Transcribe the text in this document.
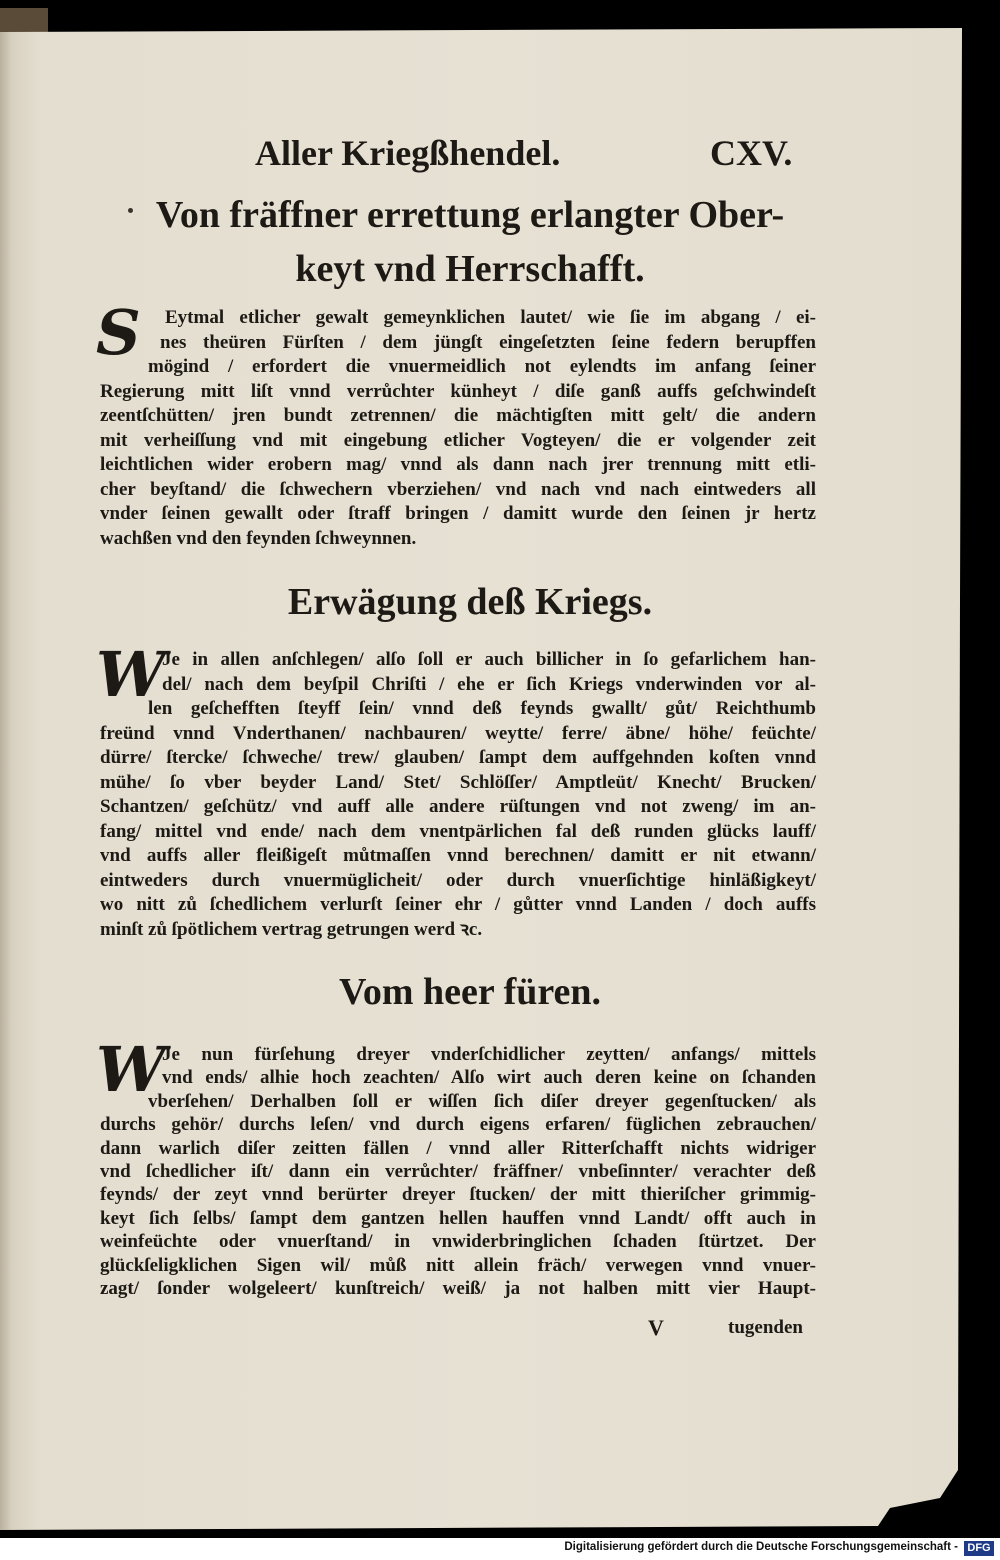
Aller Kriegßhendel.	CXV.
Von fräffner errettung erlangter Ober-
keyt vnd Herrschafft.
S Eytmal etlicher gewalt gemeynklichen lautet/ wie ſie im abgang / ei-
nes theüren Fürſten / dem jüngſt eingeſetzten ſeine federn berupffen
mögind / erfordert die vnuermeidlich not eylendts im anfang ſeiner
Regierung mitt liſt vnnd verrůchter künheyt / diſe ganß auffs geſchwindeſt
zeentſchütten/ jren bundt zetrennen/ die mächtigſten mitt gelt/ die andern
mit verheiſſung vnd mit eingebung etlicher Vogteyen/ die er volgender zeit
leichtlichen wider erobern mag/ vnnd als dann nach jrer trennung mitt etli-
cher beyſtand/ die ſchwechern vberziehen/ vnd nach vnd nach eintweders all
vnder ſeinen gewallt oder ſtraff bringen / damitt wurde den ſeinen jr hertz
wachßen vnd den feynden ſchweynnen.
Erwägung deß Kriegs.
W
Je in allen anſchlegen/ alſo ſoll er auch billicher in ſo gefarlichem han-
del/ nach dem beyſpil Chriſti / ehe er ſich Kriegs vnderwinden vor al-
len geſchefften ſteyff ſein/ vnnd deß feynds gwallt/ gůt/ Reichthumb
freünd vnnd Vnderthanen/ nachbauren/ weytte/ ferre/ äbne/ höhe/ feüchte/
dürre/ ſtercke/ ſchweche/ trew/ glauben/ ſampt dem auffgehnden koſten vnnd
mühe/ ſo vber beyder Land/ Stet/ Schlöſſer/ Amptleüt/ Knecht/ Brucken/
Schantzen/ geſchütz/ vnd auff alle andere rüſtungen vnd not zweng/ im an-
fang/ mittel vnd ende/ nach dem vnentpärlichen fal deß runden glücks lauff/
vnd auffs aller fleißigeſt můtmaſſen vnnd berechnen/ damitt er nit etwann/
eintweders durch vnuermüglicheit/ oder durch vnuerſichtige hinläßigkeyt/
wo nitt zů ſchedlichem verlurſt ſeiner ehr / gůtter vnnd Landen / doch auffs
minſt zů ſpötlichem vertrag getrungen werd ꝛc.
Vom heer füren.
W
Je nun fürſehung dreyer vnderſchidlicher zeytten/ anfangs/ mittels
vnd ends/ alhie hoch zeachten/ Alſo wirt auch deren keine on ſchanden
vberſehen/ Derhalben ſoll er wiſſen ſich diſer dreyer gegenſtucken/ als
durchs gehör/ durchs leſen/ vnd durch eigens erfaren/ füglichen zebrauchen/
dann warlich diſer zeitten fällen / vnnd aller Ritterſchafft nichts widriger
vnd ſchedlicher iſt/ dann ein verrůchter/ fräffner/ vnbeſinnter/ verachter deß
feynds/ der zeyt vnnd berürter dreyer ſtucken/ der mitt thieriſcher grimmig-
keyt ſich ſelbs/ ſampt dem gantzen hellen hauffen vnnd Landt/ offt auch in
weinfeüchte oder vnuerſtand/ in vnwiderbringlichen ſchaden ſtürtzet. Der
glückſeligklichen Sigen wil/ můß nitt allein fräch/ verwegen vnnd vnuer-
zagt/ ſonder wolgeleert/ kunſtreich/ weiß/ ja not halben mitt vier Haupt-
V	tugenden
Digitalisierung gefördert durch die Deutsche Forschungsgemeinschaft - DFG
